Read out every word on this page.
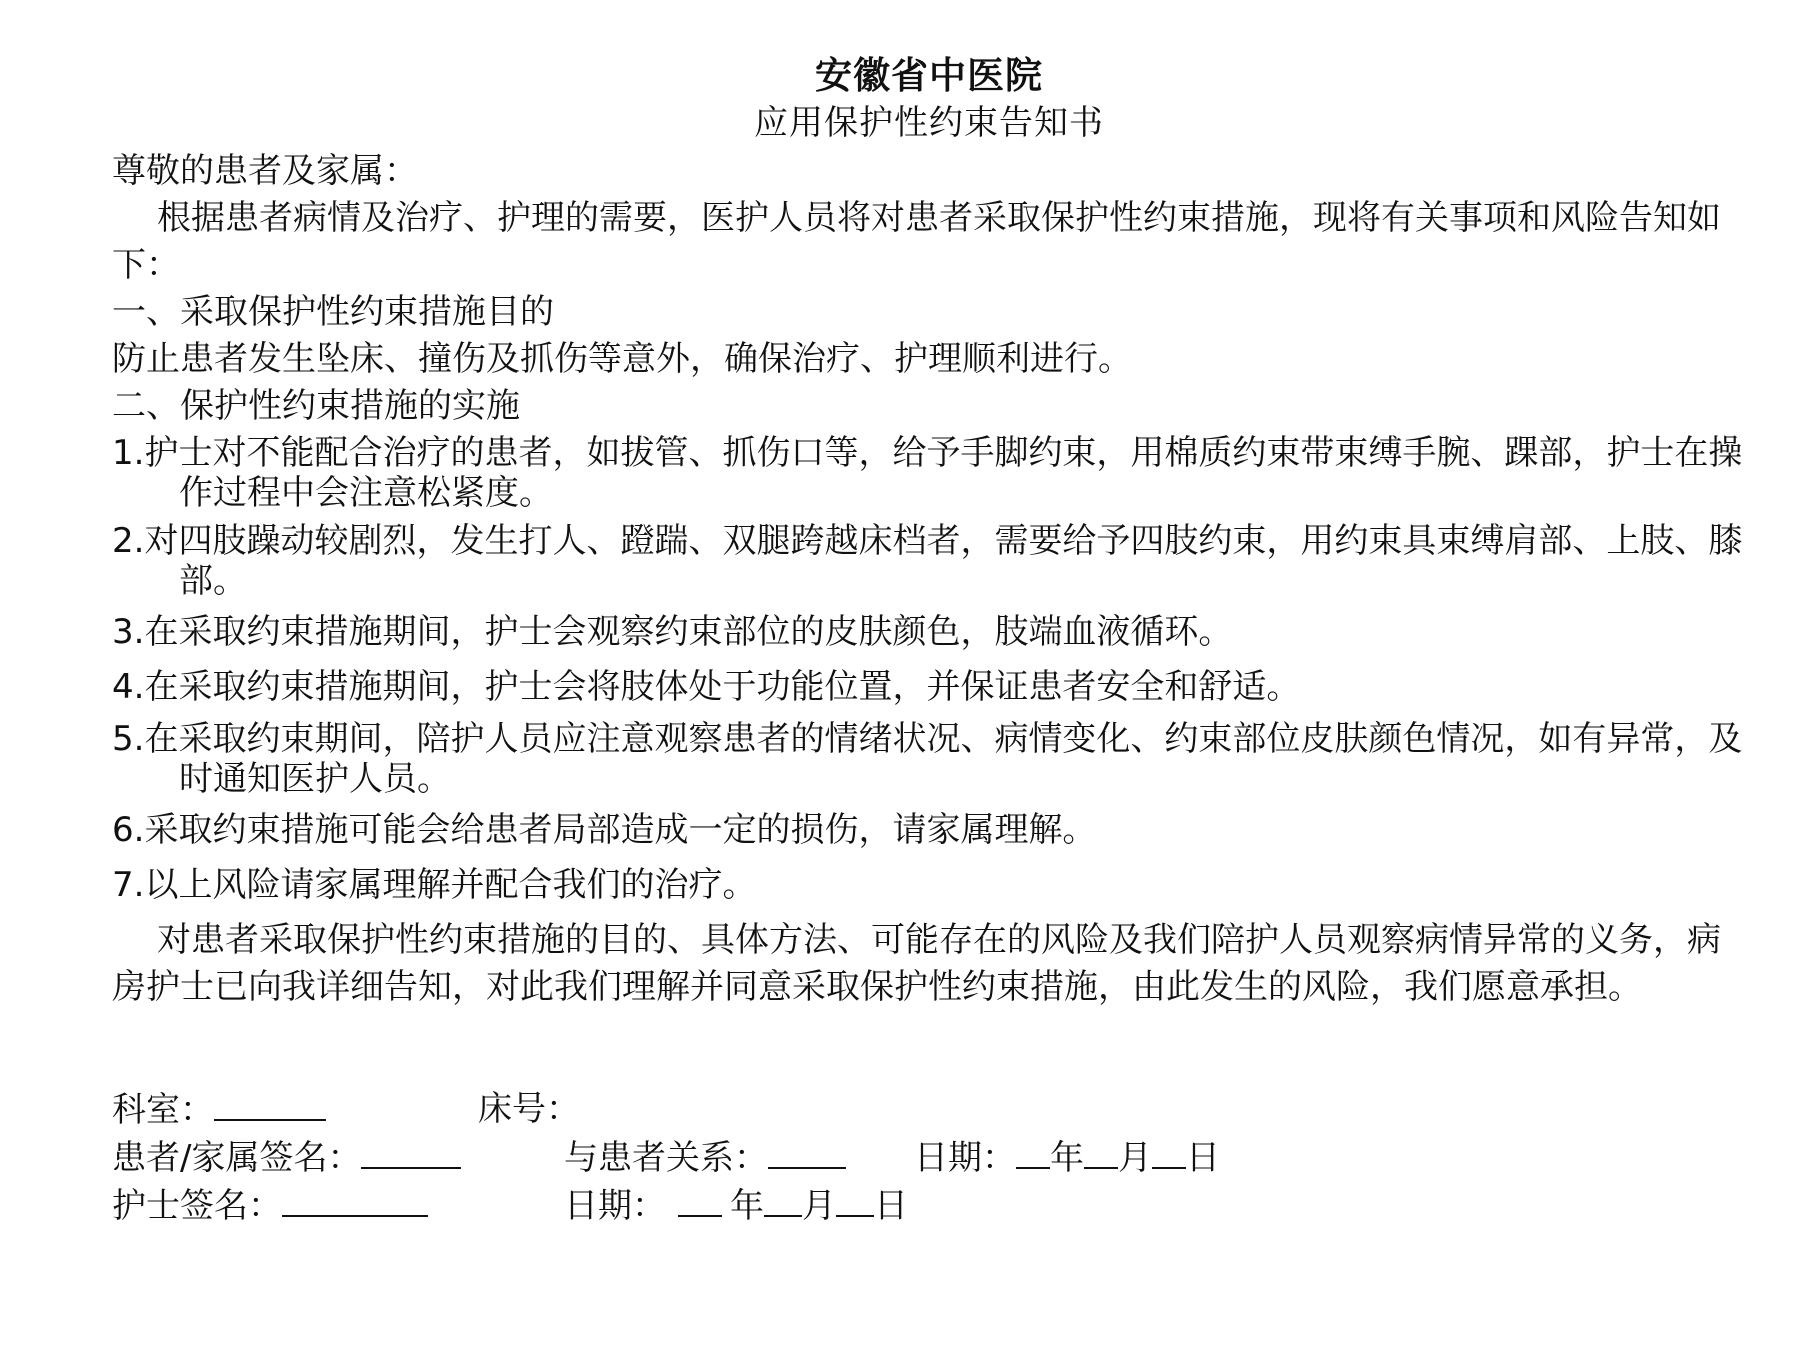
安徽省中医院
应用保护性约束告知书

尊敬的患者及家属：

根据患者病情及治疗、护理的需要，医护人员将对患者采取保护性约束措施，现将有关事项和风险告知如下：

一、采取保护性约束措施目的

防止患者发生坠床、撞伤及抓伤等意外，确保治疗、护理顺利进行。

二、保护性约束措施的实施

1.护士对不能配合治疗的患者，如拔管、抓伤口等，给予手脚约束，用棉质约束带束缚手腕、踝部，护士在操作过程中会注意松紧度。

2.对四肢躁动较剧烈，发生打人、蹬踹、双腿跨越床档者，需要给予四肢约束，用约束具束缚肩部、上肢、膝部。

3.在采取约束措施期间，护士会观察约束部位的皮肤颜色，肢端血液循环。

4.在采取约束措施期间，护士会将肢体处于功能位置，并保证患者安全和舒适。

5.在采取约束期间，陪护人员应注意观察患者的情绪状况、病情变化、约束部位皮肤颜色情况，如有异常，及时通知医护人员。

6.采取约束措施可能会给患者局部造成一定的损伤，请家属理解。

7.以上风险请家属理解并配合我们的治疗。

对患者采取保护性约束措施的目的、具体方法、可能存在的风险及我们陪护人员观察病情异常的义务，病房护士已向我详细告知，对此我们理解并同意采取保护性约束措施，由此发生的风险，我们愿意承担。

科室：	床号：
患者/家属签名：	与患者关系：	日期： 年 月 日
护士签名：	日期： 年 月 日
